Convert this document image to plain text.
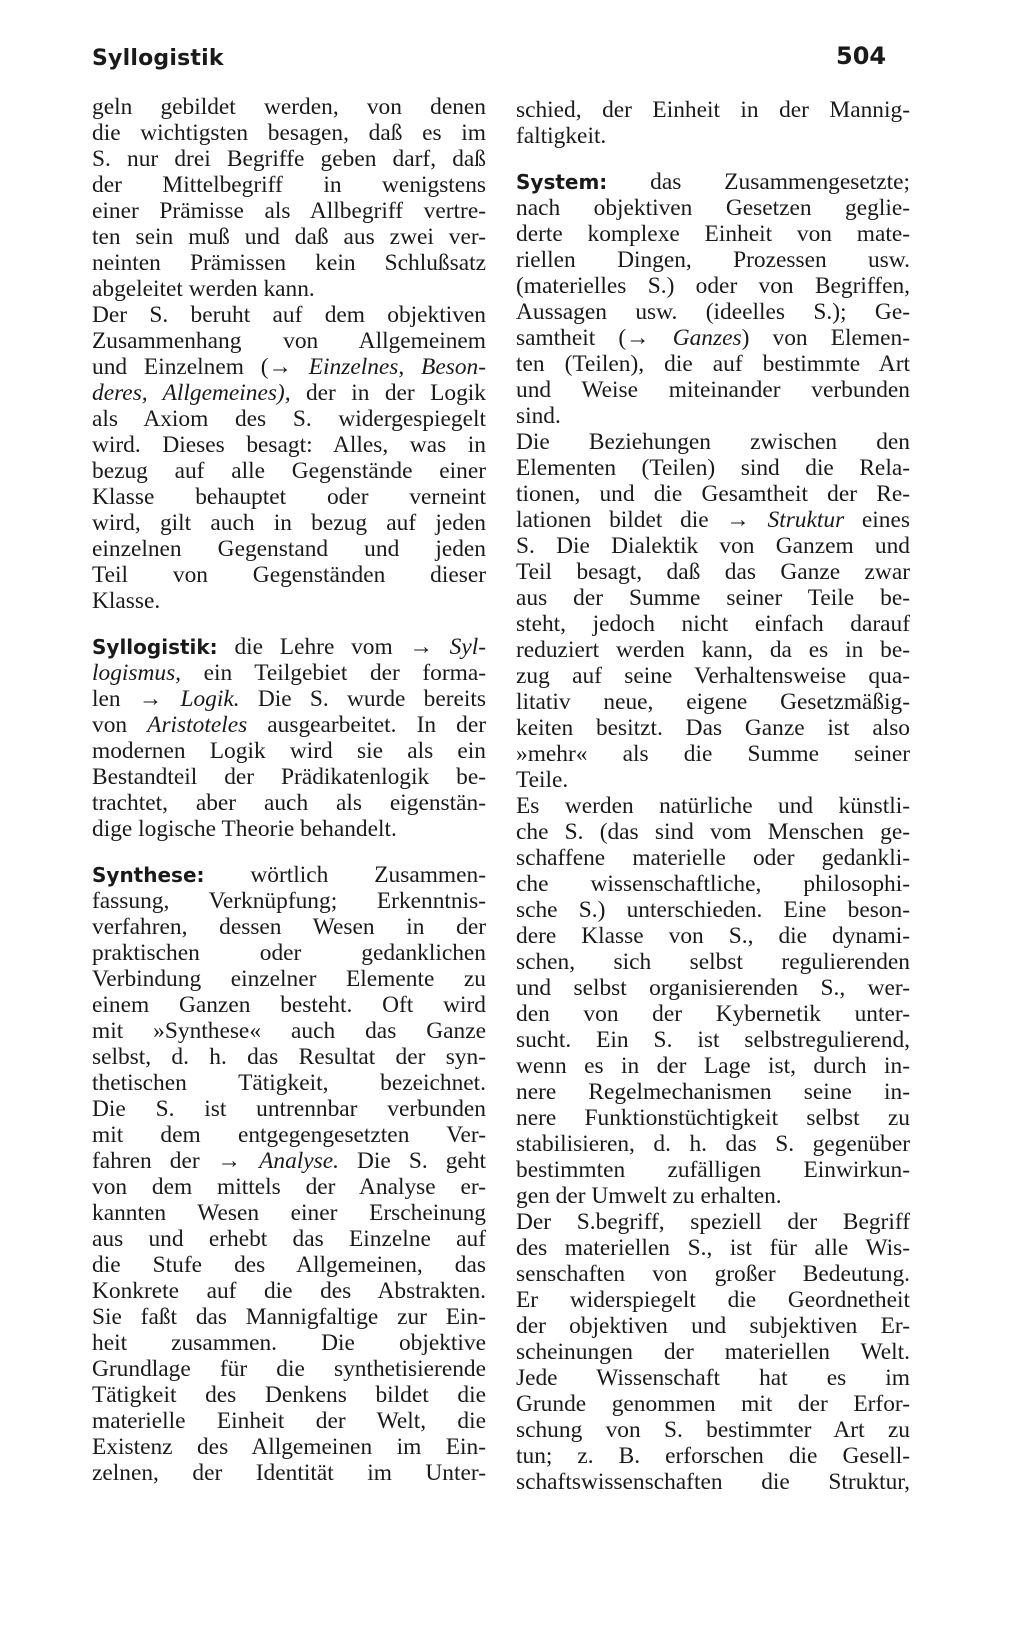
Syllogistik	504
geln gebildet werden, von denen
die wichtigsten besagen, daß es im
S. nur drei Begriffe geben darf, daß
der Mittelbegriff in wenigstens
einer Prämisse als Allbegriff vertre-
ten sein muß und daß aus zwei ver-
neinten Prämissen kein Schlußsatz
abgeleitet werden kann.
Der S. beruht auf dem objektiven
Zusammenhang von Allgemeinem
und Einzelnem (→ Einzelnes, Beson-
deres, Allgemeines), der in der Logik
als Axiom des S. widergespiegelt
wird. Dieses besagt: Alles, was in
bezug auf alle Gegenstände einer
Klasse behauptet oder verneint
wird, gilt auch in bezug auf jeden
einzelnen Gegenstand und jeden
Teil von Gegenständen dieser
Klasse.
Syllogistik: die Lehre vom → Syl-
logismus, ein Teilgebiet der forma-
len → Logik. Die S. wurde bereits
von Aristoteles ausgearbeitet. In der
modernen Logik wird sie als ein
Bestandteil der Prädikatenlogik be-
trachtet, aber auch als eigenstän-
dige logische Theorie behandelt.
Synthese: wörtlich Zusammen-
fassung, Verknüpfung; Erkenntnis-
verfahren, dessen Wesen in der
praktischen oder gedanklichen
Verbindung einzelner Elemente zu
einem Ganzen besteht. Oft wird
mit »Synthese« auch das Ganze
selbst, d. h. das Resultat der syn-
thetischen Tätigkeit, bezeichnet.
Die S. ist untrennbar verbunden
mit dem entgegengesetzten Ver-
fahren der → Analyse. Die S. geht
von dem mittels der Analyse er-
kannten Wesen einer Erscheinung
aus und erhebt das Einzelne auf
die Stufe des Allgemeinen, das
Konkrete auf die des Abstrakten.
Sie faßt das Mannigfaltige zur Ein-
heit zusammen. Die objektive
Grundlage für die synthetisierende
Tätigkeit des Denkens bildet die
materielle Einheit der Welt, die
Existenz des Allgemeinen im Ein-
zelnen, der Identität im Unter-
schied, der Einheit in der Mannig-
faltigkeit.
System: das Zusammengesetzte;
nach objektiven Gesetzen geglie-
derte komplexe Einheit von mate-
riellen Dingen, Prozessen usw.
(materielles S.) oder von Begriffen,
Aussagen usw. (ideelles S.); Ge-
samtheit (→ Ganzes) von Elemen-
ten (Teilen), die auf bestimmte Art
und Weise miteinander verbunden
sind.
Die Beziehungen zwischen den
Elementen (Teilen) sind die Rela-
tionen, und die Gesamtheit der Re-
lationen bildet die → Struktur eines
S. Die Dialektik von Ganzem und
Teil besagt, daß das Ganze zwar
aus der Summe seiner Teile be-
steht, jedoch nicht einfach darauf
reduziert werden kann, da es in be-
zug auf seine Verhaltensweise qua-
litativ neue, eigene Gesetzmäßig-
keiten besitzt. Das Ganze ist also
»mehr« als die Summe seiner
Teile.
Es werden natürliche und künstli-
che S. (das sind vom Menschen ge-
schaffene materielle oder gedankli-
che wissenschaftliche, philosophi-
sche S.) unterschieden. Eine beson-
dere Klasse von S., die dynami-
schen, sich selbst regulierenden
und selbst organisierenden S., wer-
den von der Kybernetik unter-
sucht. Ein S. ist selbstregulierend,
wenn es in der Lage ist, durch in-
nere Regelmechanismen seine in-
nere Funktionstüchtigkeit selbst zu
stabilisieren, d. h. das S. gegenüber
bestimmten zufälligen Einwirkun-
gen der Umwelt zu erhalten.
Der S.begriff, speziell der Begriff
des materiellen S., ist für alle Wis-
senschaften von großer Bedeutung.
Er widerspiegelt die Geordnetheit
der objektiven und subjektiven Er-
scheinungen der materiellen Welt.
Jede Wissenschaft hat es im
Grunde genommen mit der Erfor-
schung von S. bestimmter Art zu
tun; z. B. erforschen die Gesell-
schaftswissenschaften die Struktur,
